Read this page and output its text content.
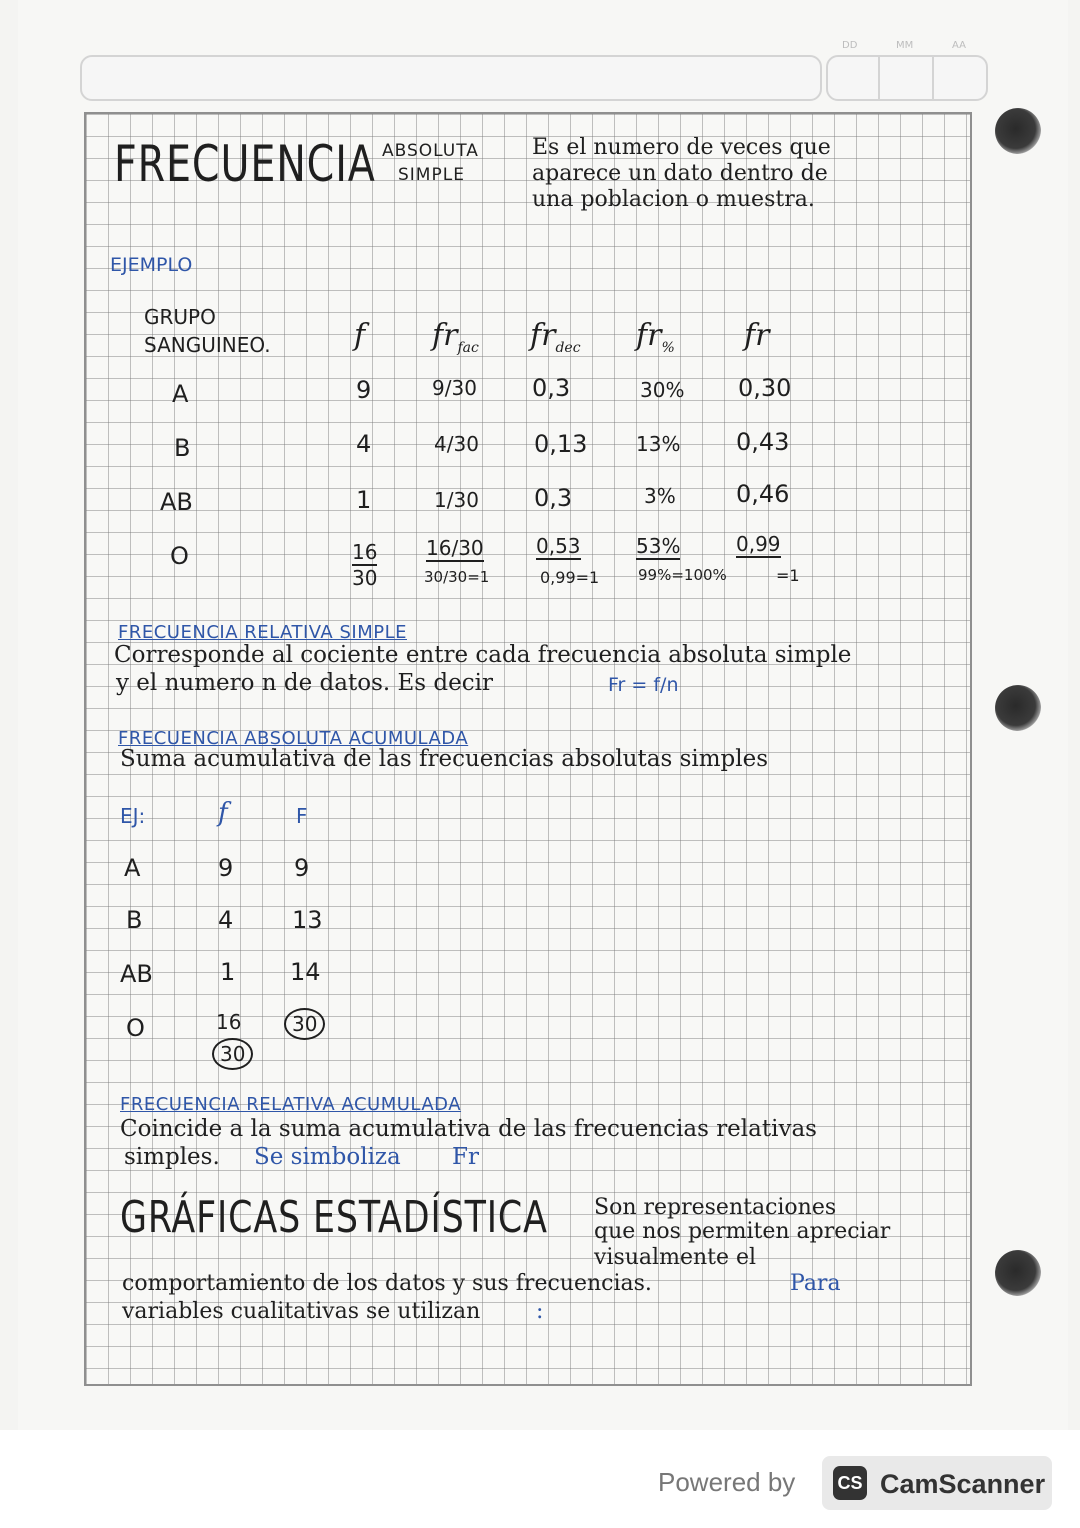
DD	MM	AA
FRECUENCIA ABSOLUTA
SIMPLE
Es el numero de veces que
aparece un dato dentro de
una poblacion o muestra.
EJEMPLO
GRUPO
SANGUINEO.	f $fr_{fac}$ $fr_{dec}$ $fr_{\%}$ fr
A	9	9/30 0,3	30% 0,30
B	4	4/30 0,13 13% 0,43
AB	1	1/30 0,3	3%	0,46
O	16 16/30	0,53	53%	0,99
30	30/30=1	0,99=1	99%=100%	=1
FRECUENCIA RELATIVA SIMPLE
Corresponde al cociente entre cada frecuencia absoluta simple
y el numero n de datos. Es decir	Fr = f/n
FRECUENCIA ABSOLUTA ACUMULADA
Suma acumulativa de las frecuencias absolutas simples
EJ:	f	F
A	9	9
B	4 13
AB	1 14
O	16	30
30
FRECUENCIA RELATIVA ACUMULADA
Coincide a la suma acumulativa de las frecuencias relativas
simples. Se simboliza Fr
GRÁFICAS ESTADÍSTICA Son representaciones
que nos permiten apreciar
visualmente el
comportamiento de los datos y sus frecuencias.	Para
variables cualitativas se utilizan	:
Powered by CS CamScanner
